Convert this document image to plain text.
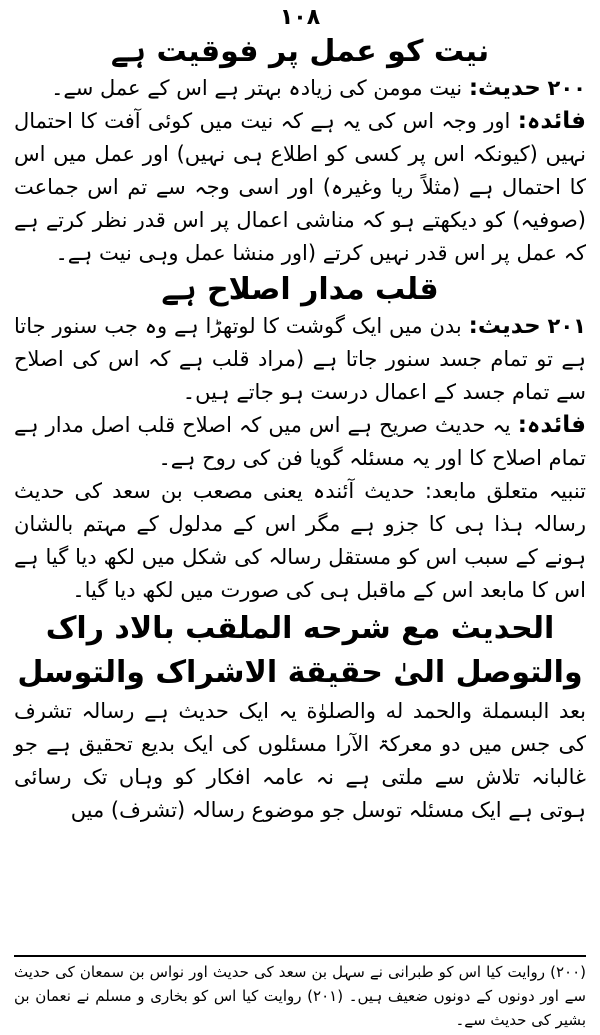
۱۰۸

نیت کو عمل پر فوقیت ہے

۲۰۰ حدیث: نیت مومن کی زیادہ بہتر ہے اس کے عمل سے۔

فائدہ: اور وجہ اس کی یہ ہے کہ نیت میں کوئی آفت کا احتمال نہیں (کیونکہ اس پر کسی کو اطلاع ہی نہیں) اور عمل میں اس کا احتمال ہے (مثلاً ریا وغیرہ) اور اسی وجہ سے تم اس جماعت (صوفیہ) کو دیکھتے ہو کہ مناشی اعمال پر اس قدر نظر کرتے ہے کہ عمل پر اس قدر نہیں کرتے (اور منشا عمل وہی نیت ہے۔

قلب مدار اصلاح ہے

۲۰۱ حدیث: بدن میں ایک گوشت کا لوتھڑا ہے وہ جب سنور جاتا ہے تو تمام جسد سنور جاتا ہے (مراد قلب ہے کہ اس کی اصلاح سے تمام جسد کے اعمال درست ہو جاتے ہیں۔

فائدہ: یہ حدیث صریح ہے اس میں کہ اصلاح قلب اصل مدار ہے تمام اصلاح کا اور یہ مسئلہ گویا فن کی روح ہے۔

تنبیہ متعلق مابعد: حدیث آئندہ یعنی مصعب بن سعد کی حدیث رسالہ ہذا ہی کا جزو ہے مگر اس کے مدلول کے مہتم بالشان ہونے کے سبب اس کو مستقل رسالہ کی شکل میں لکھ دیا گیا ہے اس کا مابعد اس کے ماقبل ہی کی صورت میں لکھ دیا گیا۔

الحدیث مع شرحه الملقب بالاد راک
والتوصل الیٰ حقیقة الاشراک والتوسل

بعد البسملة والحمد له والصلوٰة یہ ایک حدیث ہے رسالہ تشرف کی جس میں دو معرکۃ الآرا مسئلوں کی ایک بدیع تحقیق ہے جو غالبانہ تلاش سے ملتی ہے نہ عامہ افکار کو وہاں تک رسائی ہوتی ہے ایک مسئلہ توسل جو موضوع رسالہ (تشرف) میں

(۲۰۰) روایت کیا اس کو طبرانی نے سہل بن سعد کی حدیث اور نواس بن سمعان کی حدیث سے اور دونوں کے دونوں ضعیف ہیں۔ (۲۰۱) روایت کیا اس کو بخاری و مسلم نے نعمان بن بشیر کی حدیث سے۔
